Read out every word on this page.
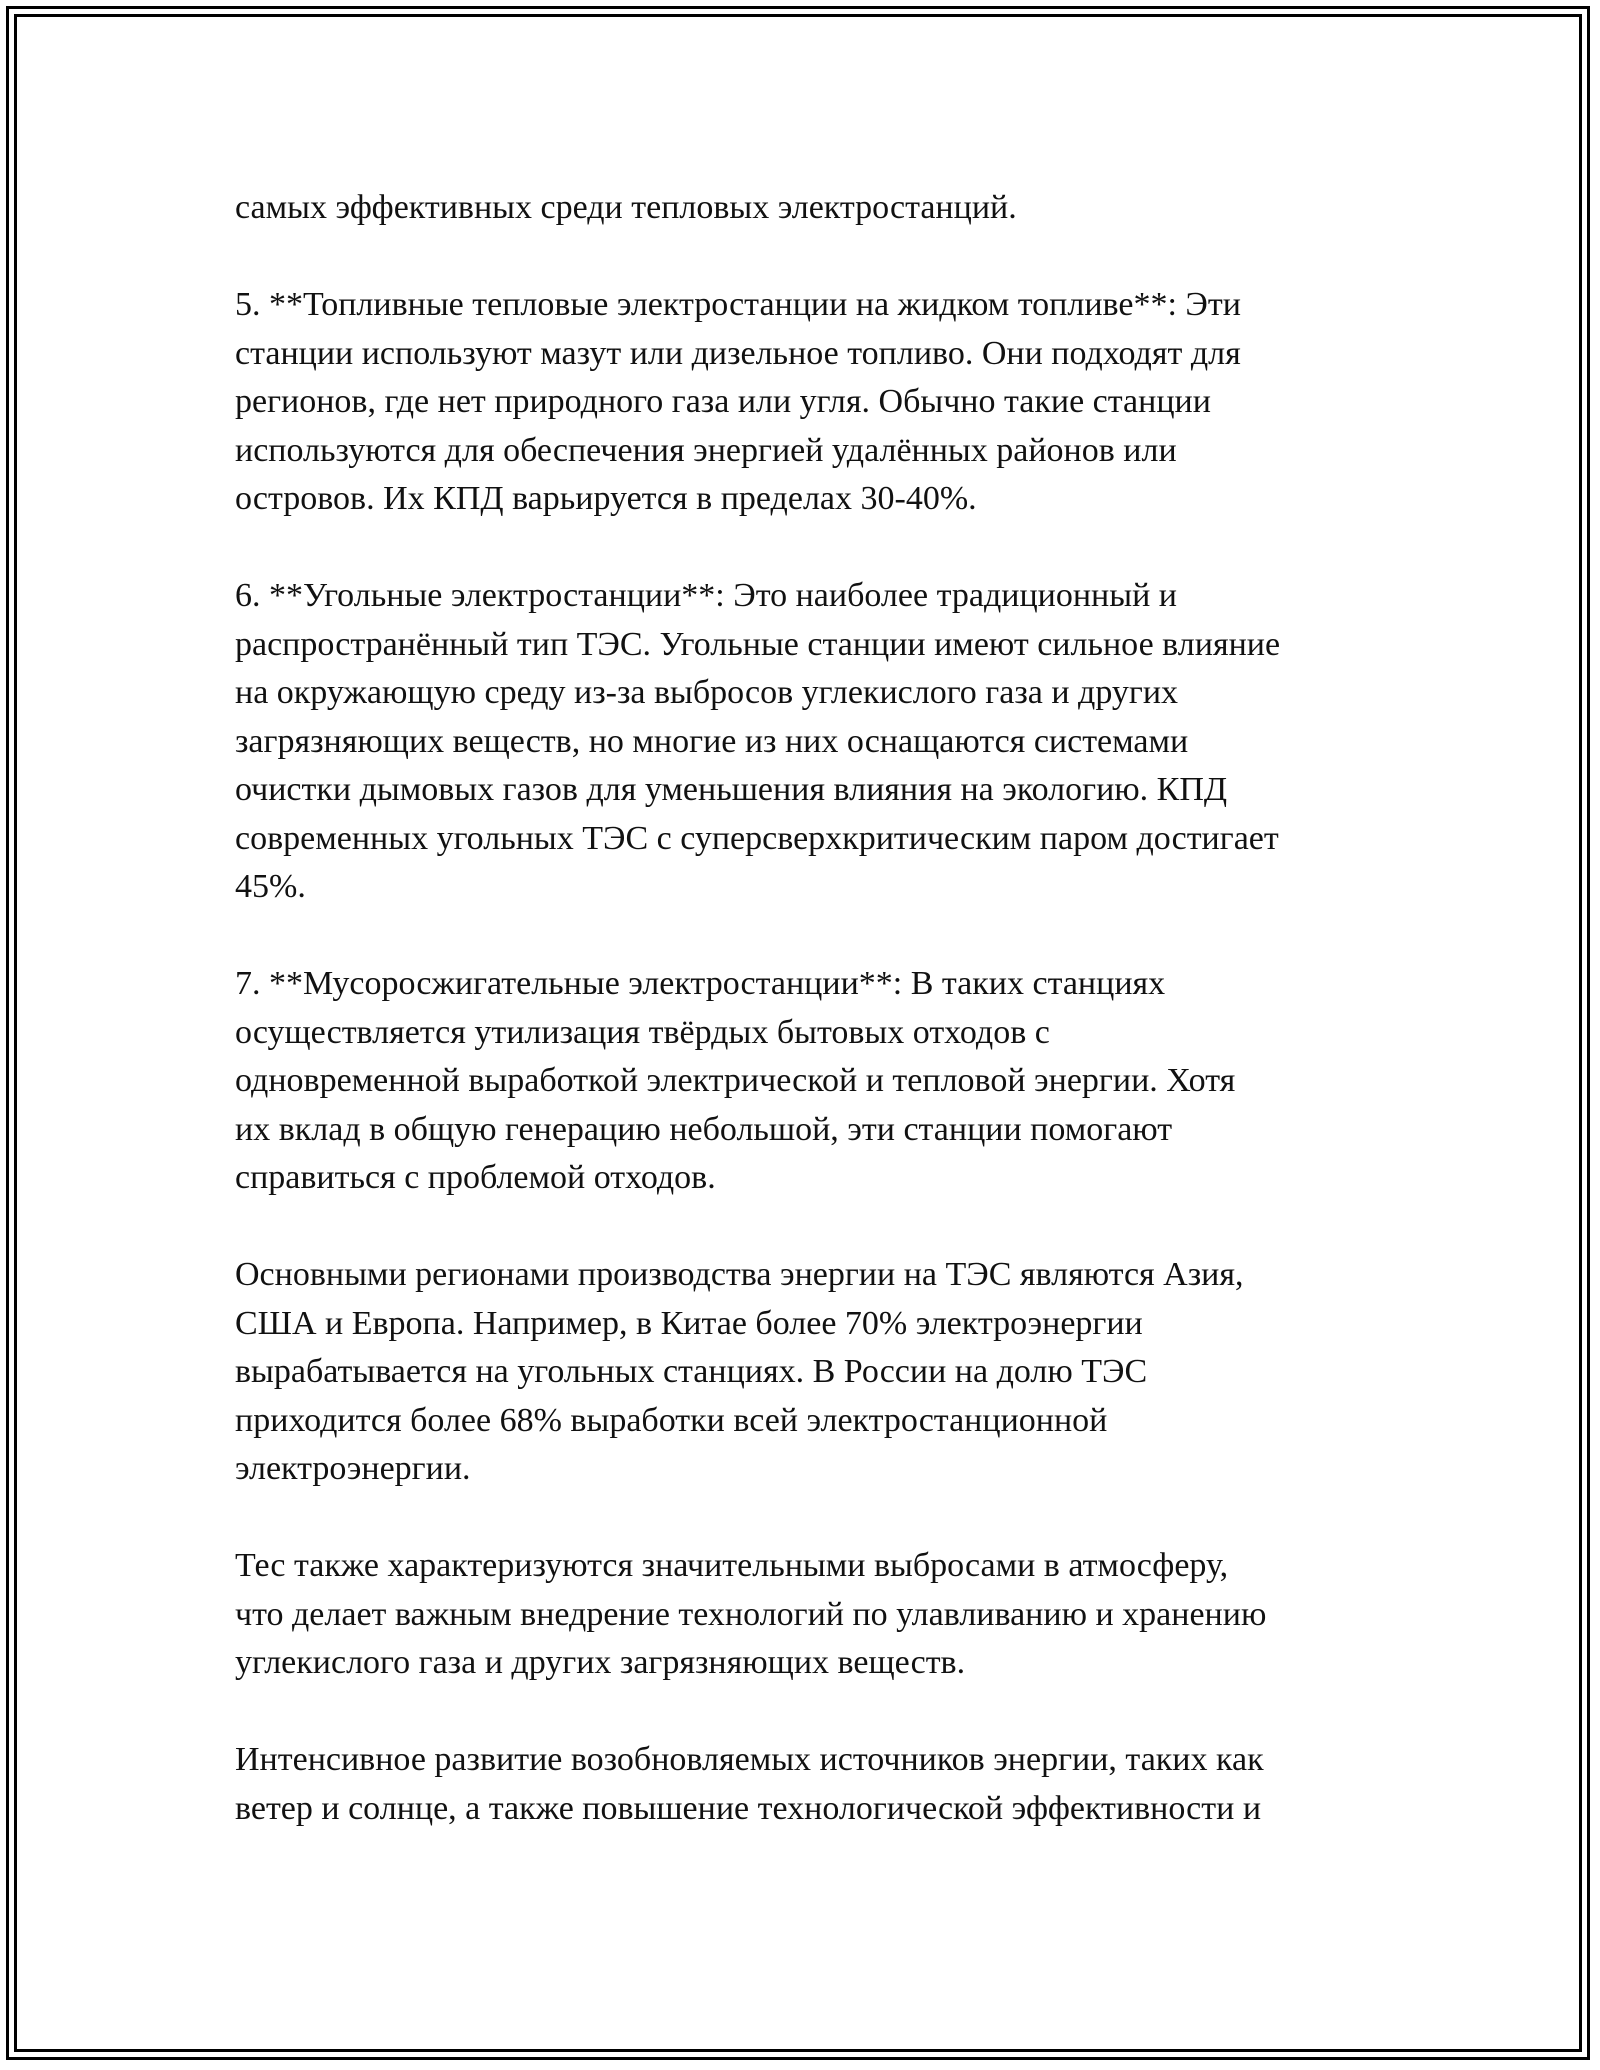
самых эффективных среди тепловых электростанций.
5. **Топливные тепловые электростанции на жидком топливе**: Эти
станции используют мазут или дизельное топливо. Они подходят для
регионов, где нет природного газа или угля. Обычно такие станции
используются для обеспечения энергией удалённых районов или
островов. Их КПД варьируется в пределах 30-40%.
6. **Угольные электростанции**: Это наиболее традиционный и
распространённый тип ТЭС. Угольные станции имеют сильное влияние
на окружающую среду из-за выбросов углекислого газа и других
загрязняющих веществ, но многие из них оснащаются системами
очистки дымовых газов для уменьшения влияния на экологию. КПД
современных угольных ТЭС с суперсверхкритическим паром достигает
45%.
7. **Мусоросжигательные электростанции**: В таких станциях
осуществляется утилизация твёрдых бытовых отходов с
одновременной выработкой электрической и тепловой энергии. Хотя
их вклад в общую генерацию небольшой, эти станции помогают
справиться с проблемой отходов.
Основными регионами производства энергии на ТЭС являются Азия,
США и Европа. Например, в Китае более 70% электроэнергии
вырабатывается на угольных станциях. В России на долю ТЭС
приходится более 68% выработки всей электростанционной
электроэнергии.
Тес также характеризуются значительными выбросами в атмосферу,
что делает важным внедрение технологий по улавливанию и хранению
углекислого газа и других загрязняющих веществ.
Интенсивное развитие возобновляемых источников энергии, таких как
ветер и солнце, а также повышение технологической эффективности и
